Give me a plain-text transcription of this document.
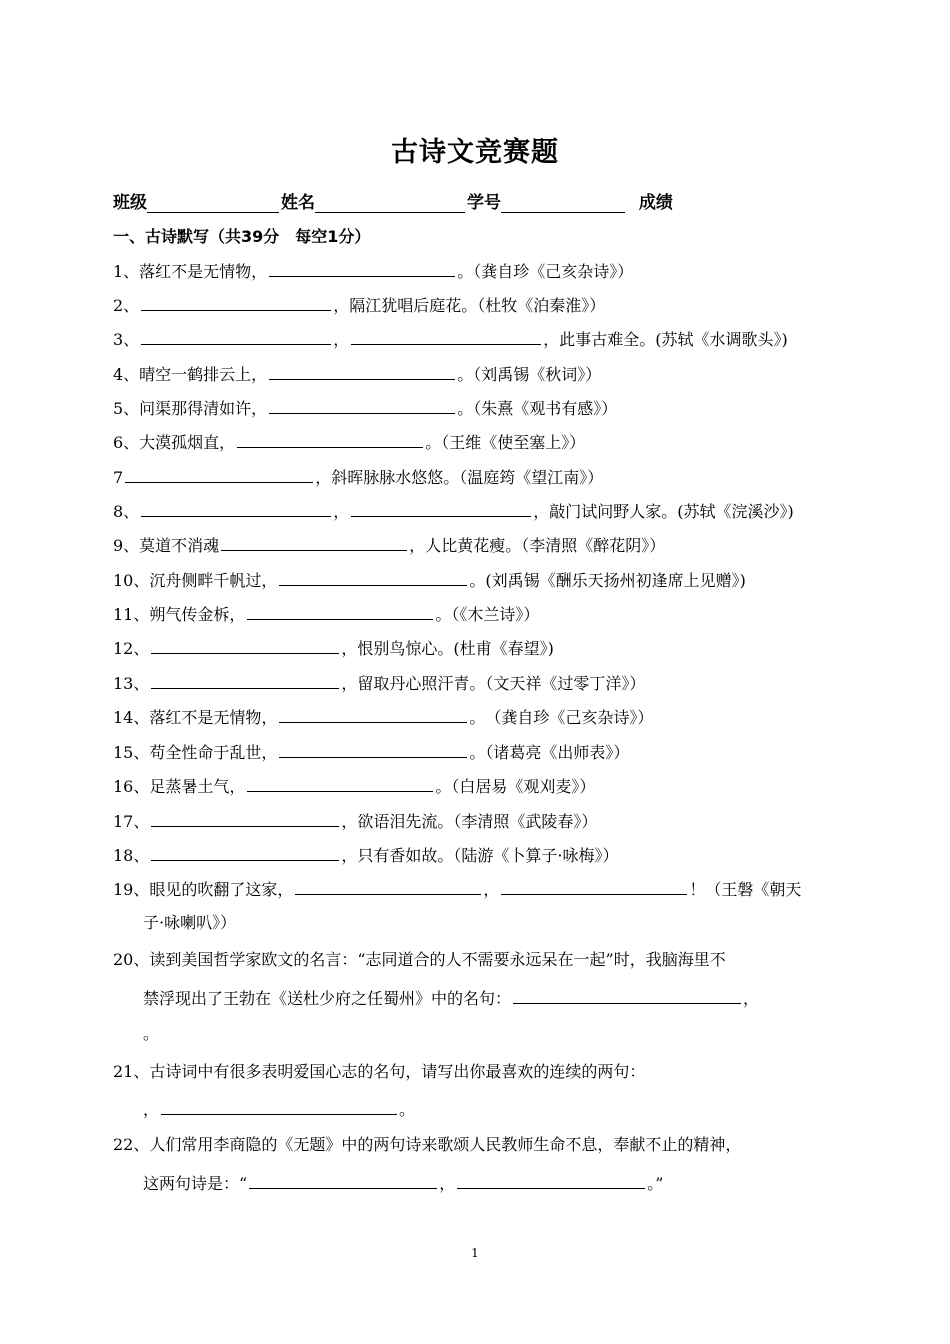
古诗文竞赛题
班级	姓名	学号	成绩
一、古诗默写（共39分　每空1分）
1、落红不是无情物，	。（龚自珍《己亥杂诗》）
2、	，隔江犹唱后庭花。（杜牧《泊秦淮》）
3、	，	，此事古难全。(苏轼《水调歌头》)
4、晴空一鹤排云上，	。（刘禹锡《秋词》）
5、问渠那得清如许，	。（朱熹《观书有感》）
6、大漠孤烟直，	。（王维《使至塞上》）
7	，斜晖脉脉水悠悠。（温庭筠《望江南》）
8、	，	，敲门试问野人家。(苏轼《浣溪沙》)
9、莫道不消魂	，人比黄花瘦。（李清照《醉花阴》）
10、沉舟侧畔千帆过，	。(刘禹锡《酬乐天扬州初逢席上见赠》)
11、朔气传金柝，	。（《木兰诗》）
12、	，恨别鸟惊心。(杜甫《春望》)
13、	，留取丹心照汗青。（文天祥《过零丁洋》）
14、落红不是无情物，	。　（龚自珍《己亥杂诗》）
15、苟全性命于乱世，	。（诸葛亮《出师表》）
16、足蒸暑土气，	。（白居易《观刈麦》）
17、	，欲语泪先流。（李清照《武陵春》）
18、	，只有香如故。（陆游《卜算子·咏梅》）
19、眼见的吹翻了这家，	，	！（王磐《朝天
子·咏喇叭》）
20、读到美国哲学家欧文的名言：“志同道合的人不需要永远呆在一起”时，我脑海里不
禁浮现出了王勃在《送杜少府之任蜀州》中的名句：	，
。
21、古诗词中有很多表明爱国心志的名句，请写出你最喜欢的连续的两句：
，	。
22、人们常用李商隐的《无题》中的两句诗来歌颂人民教师生命不息，奉献不止的精神，
这两句诗是：“	，	。”
1
